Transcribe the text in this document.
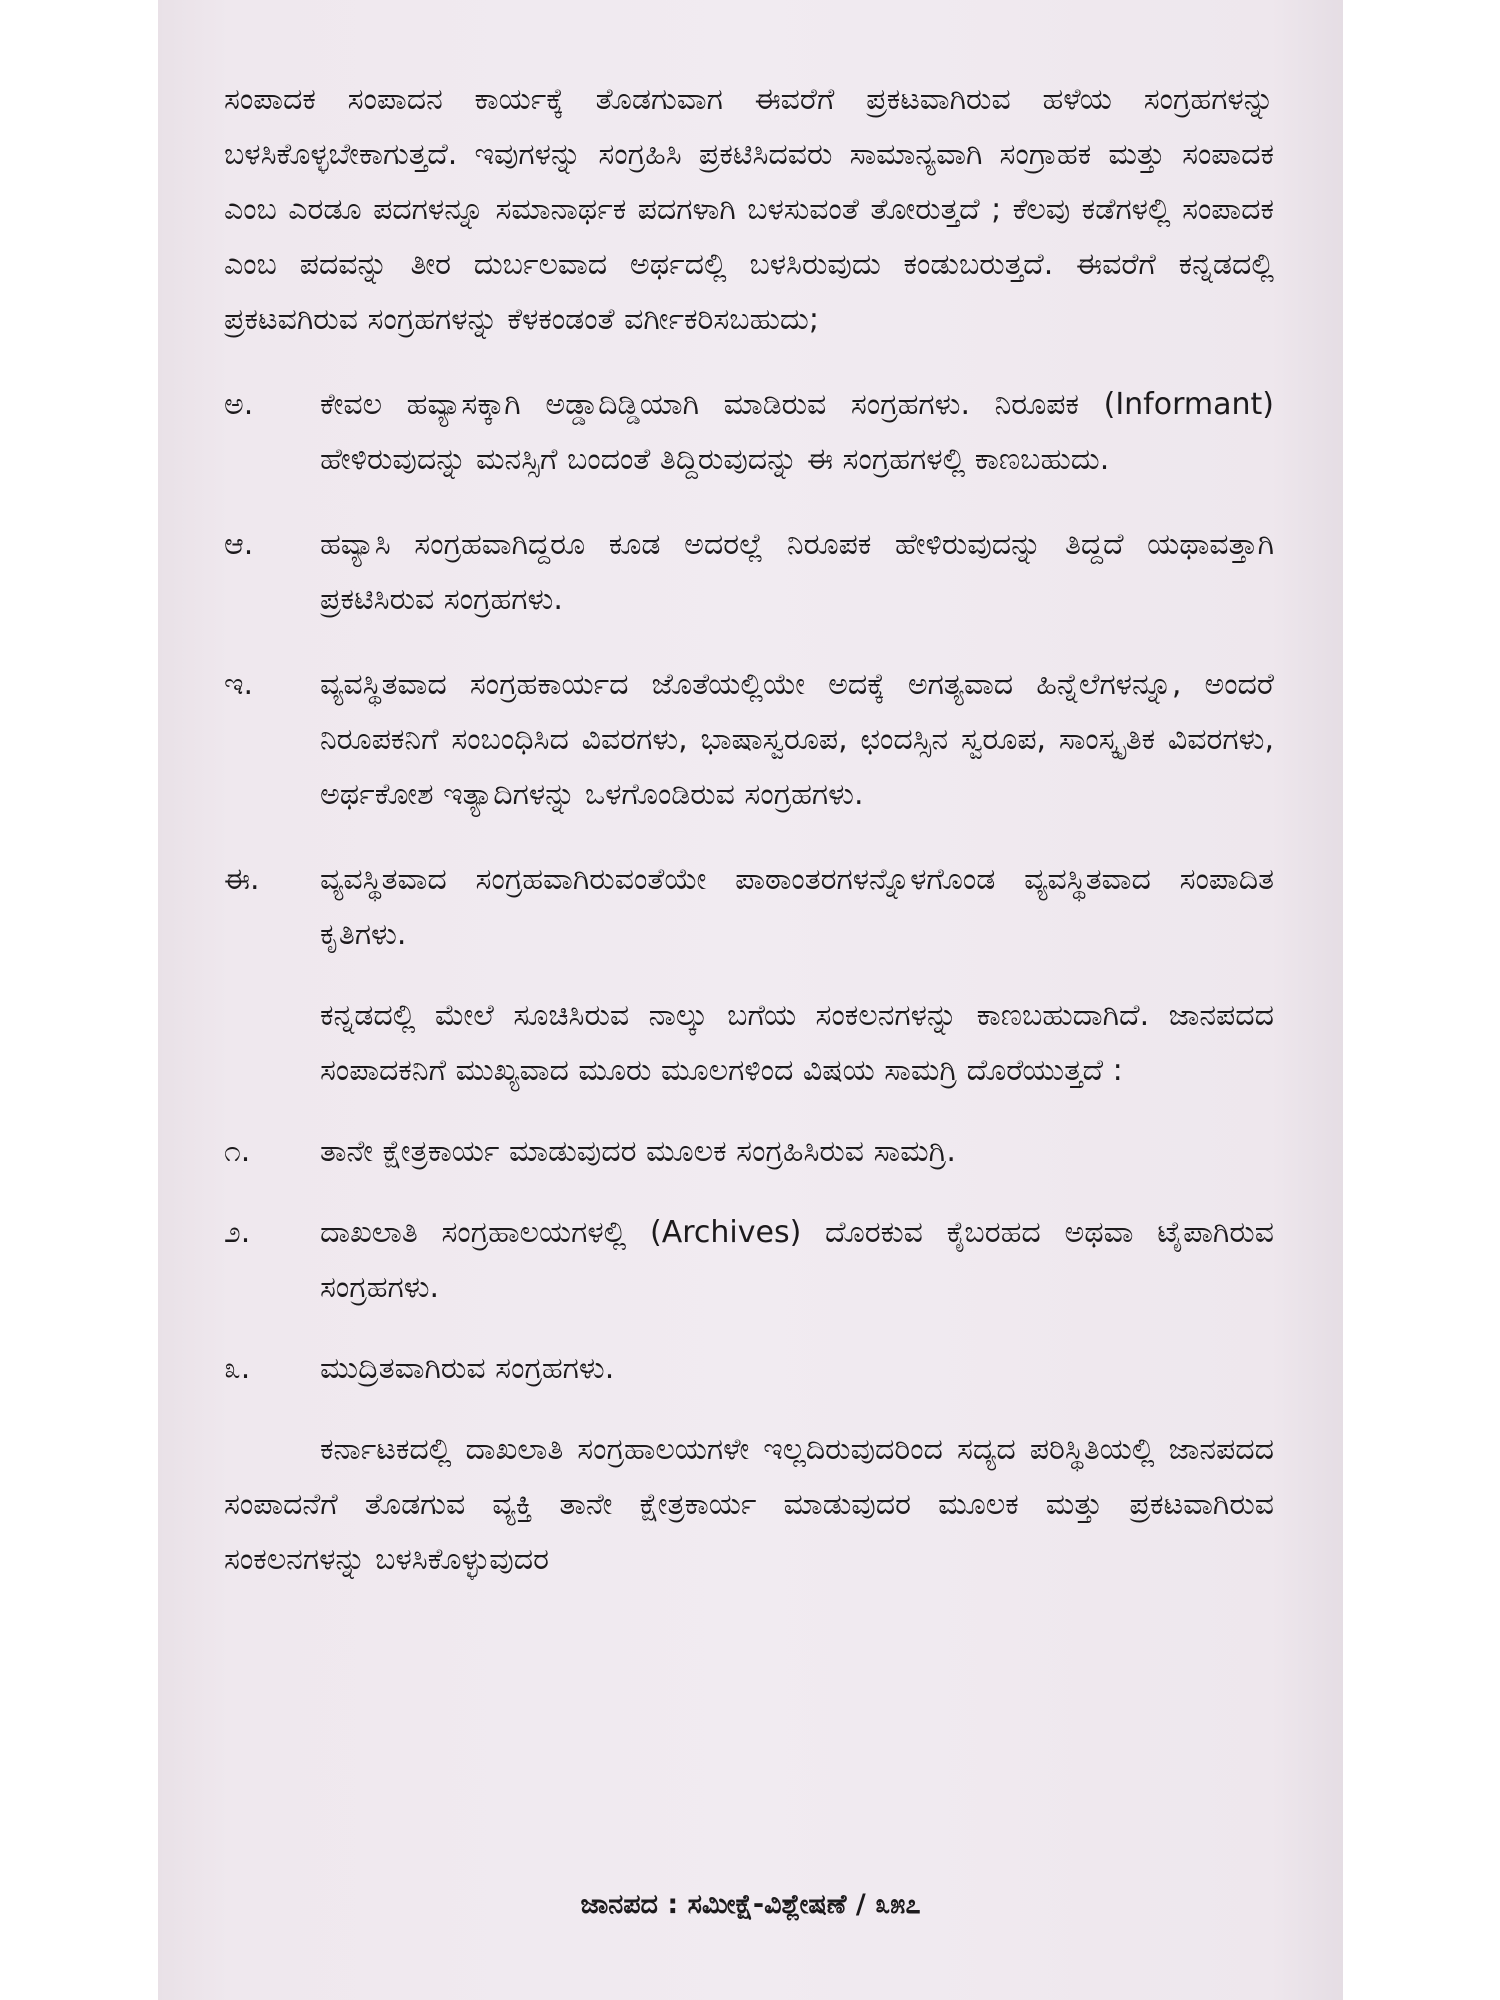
ಸಂಪಾದಕ ಸಂಪಾದನ ಕಾರ್ಯಕ್ಕೆ ತೊಡಗುವಾಗ ಈವರೆಗೆ ಪ್ರಕಟವಾಗಿರುವ ಹಳೆಯ ಸಂಗ್ರಹಗಳನ್ನು ಬಳಸಿಕೊಳ್ಳಬೇಕಾಗುತ್ತದೆ. ಇವುಗಳನ್ನು ಸಂಗ್ರಹಿಸಿ ಪ್ರಕಟಿಸಿದವರು ಸಾಮಾನ್ಯವಾಗಿ ಸಂಗ್ರಾಹಕ ಮತ್ತು ಸಂಪಾದಕ ಎಂಬ ಎರಡೂ ಪದಗಳನ್ನೂ ಸಮಾನಾರ್ಥಕ ಪದಗಳಾಗಿ ಬಳಸುವಂತೆ ತೋರುತ್ತದೆ ; ಕೆಲವು ಕಡೆಗಳಲ್ಲಿ ಸಂಪಾದಕ ಎಂಬ ಪದವನ್ನು ತೀರ ದುರ್ಬಲವಾದ ಅರ್ಥದಲ್ಲಿ ಬಳಸಿರುವುದು ಕಂಡುಬರುತ್ತದೆ. ಈವರೆಗೆ ಕನ್ನಡದಲ್ಲಿ ಪ್ರಕಟವಗಿರುವ ಸಂಗ್ರಹಗಳನ್ನು ಕೆಳಕಂಡಂತೆ ವರ್ಗೀಕರಿಸಬಹುದು;

ಅ.	ಕೇವಲ ಹವ್ಯಾಸಕ್ಕಾಗಿ ಅಡ್ಡಾದಿಡ್ಡಿಯಾಗಿ ಮಾಡಿರುವ ಸಂಗ್ರಹಗಳು. ನಿರೂಪಕ (Informant) ಹೇಳಿರುವುದನ್ನು ಮನಸ್ಸಿಗೆ ಬಂದಂತೆ ತಿದ್ದಿರುವುದನ್ನು ಈ ಸಂಗ್ರಹಗಳಲ್ಲಿ ಕಾಣಬಹುದು.
ಆ.	ಹವ್ಯಾಸಿ ಸಂಗ್ರಹವಾಗಿದ್ದರೂ ಕೂಡ ಅದರಲ್ಲೆ ನಿರೂಪಕ ಹೇಳಿರುವುದನ್ನು ತಿದ್ದದೆ ಯಥಾವತ್ತಾಗಿ ಪ್ರಕಟಿಸಿರುವ ಸಂಗ್ರಹಗಳು.
ಇ.	ವ್ಯವಸ್ಥಿತವಾದ ಸಂಗ್ರಹಕಾರ್ಯದ ಜೊತೆಯಲ್ಲಿಯೇ ಅದಕ್ಕೆ ಅಗತ್ಯವಾದ ಹಿನ್ನೆಲೆಗಳನ್ನೂ, ಅಂದರೆ ನಿರೂಪಕನಿಗೆ ಸಂಬಂಧಿಸಿದ ವಿವರಗಳು, ಭಾಷಾಸ್ವರೂಪ, ಛಂದಸ್ಸಿನ ಸ್ವರೂಪ, ಸಾಂಸ್ಕೃತಿಕ ವಿವರಗಳು, ಅರ್ಥಕೋಶ ಇತ್ಯಾದಿಗಳನ್ನು ಒಳಗೊಂಡಿರುವ ಸಂಗ್ರಹಗಳು.
ಈ.	ವ್ಯವಸ್ಥಿತವಾದ ಸಂಗ್ರಹವಾಗಿರುವಂತೆಯೇ ಪಾಠಾಂತರಗಳನ್ನೊಳಗೊಂಡ ವ್ಯವಸ್ಥಿತವಾದ ಸಂಪಾದಿತ ಕೃತಿಗಳು.

ಕನ್ನಡದಲ್ಲಿ ಮೇಲೆ ಸೂಚಿಸಿರುವ ನಾಲ್ಕು ಬಗೆಯ ಸಂಕಲನಗಳನ್ನು ಕಾಣಬಹುದಾಗಿದೆ. ಜಾನಪದದ ಸಂಪಾದಕನಿಗೆ ಮುಖ್ಯವಾದ ಮೂರು ಮೂಲಗಳಿಂದ ವಿಷಯ ಸಾಮಗ್ರಿ ದೊರೆಯುತ್ತದೆ :

೧.	ತಾನೇ ಕ್ಷೇತ್ರಕಾರ್ಯ ಮಾಡುವುದರ ಮೂಲಕ ಸಂಗ್ರಹಿಸಿರುವ ಸಾಮಗ್ರಿ.
೨.	ದಾಖಲಾತಿ ಸಂಗ್ರಹಾಲಯಗಳಲ್ಲಿ (Archives) ದೊರಕುವ ಕೈಬರಹದ ಅಥವಾ ಟೈಪಾಗಿರುವ ಸಂಗ್ರಹಗಳು.
೩.	ಮುದ್ರಿತವಾಗಿರುವ ಸಂಗ್ರಹಗಳು.

ಕರ್ನಾಟಕದಲ್ಲಿ ದಾಖಲಾತಿ ಸಂಗ್ರಹಾಲಯಗಳೇ ಇಲ್ಲದಿರುವುದರಿಂದ ಸದ್ಯದ ಪರಿಸ್ಥಿತಿಯಲ್ಲಿ ಜಾನಪದದ ಸಂಪಾದನೆಗೆ ತೊಡಗುವ ವ್ಯಕ್ತಿ ತಾನೇ ಕ್ಷೇತ್ರಕಾರ್ಯ ಮಾಡುವುದರ ಮೂಲಕ ಮತ್ತು ಪ್ರಕಟವಾಗಿರುವ ಸಂಕಲನಗಳನ್ನು ಬಳಸಿಕೊಳ್ಳುವುದರ

ಜಾನಪದ : ಸಮೀಕ್ಷೆ-ವಿಶ್ಲೇಷಣೆ / ೩೫೭
